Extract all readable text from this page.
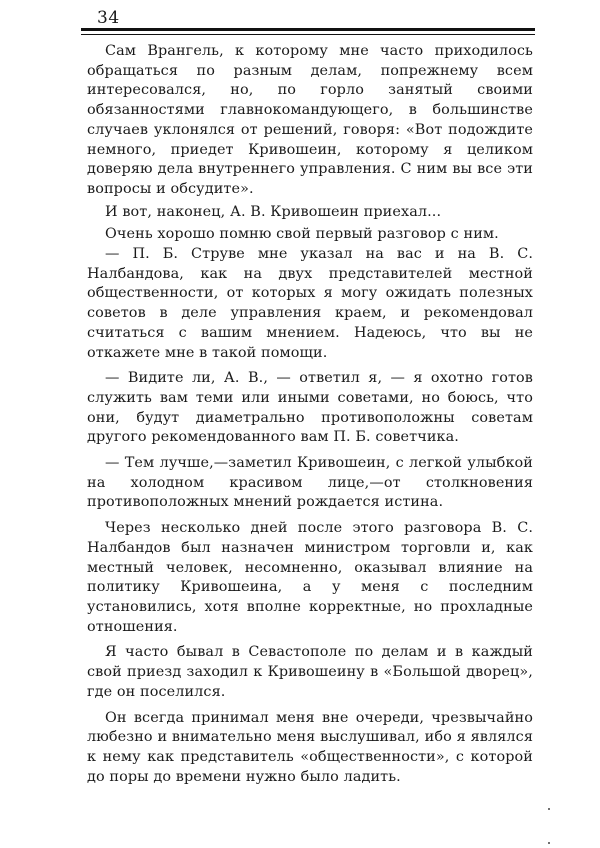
34

Сам Врангель, к которому мне часто приходилось обращаться по разным делам, попрежнему всем интересовался, но, по горло занятый своими обязанностями главнокомандующего, в большинстве случаев уклонялся от решений, говоря: «Вот подождите немного, приедет Кривошеин, которому я целиком доверяю дела внутреннего управления. С ним вы все эти вопросы и обсудите».

И вот, наконец, А. В. Кривошеин приехал...

Очень хорошо помню свой первый разговор с ним.

— П. Б. Струве мне указал на вас и на В. С. Налбандова, как на двух представителей местной общественности, от которых я могу ожидать полезных советов в деле управления краем, и рекомендовал считаться с вашим мнением. Надеюсь, что вы не откажете мне в такой помощи.

— Видите ли, А. В., — ответил я, — я охотно готов служить вам теми или иными советами, но боюсь, что они, будут диаметрально противоположны советам другого рекомендованного вам П. Б. советчика.

— Тем лучше,—заметил Кривошеин, с легкой улыбкой на холодном красивом лице,—от столкновения противоположных мнений рождается истина.

Через несколько дней после этого разговора В. С. Налбандов был назначен министром торговли и, как местный человек, несомненно, оказывал влияние на политику Кривошеина, а у меня с последним установились, хотя вполне корректные, но прохладные отношения.

Я часто бывал в Севастополе по делам и в каждый свой приезд заходил к Кривошеину в «Большой дворец», где он поселился.

Он всегда принимал меня вне очереди, чрезвычайно любезно и внимательно меня выслушивал, ибо я являлся к нему как представитель «общественности», с которой до поры до времени нужно было ладить.
